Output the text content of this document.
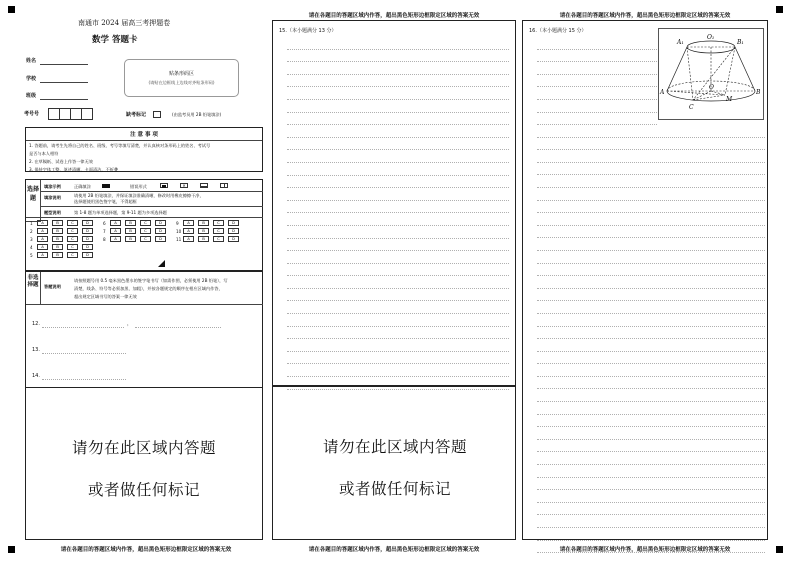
请在各题目的答题区域内作答，超出黑色矩形边框限定区域的答案无效	请在各题目的答题区域内作答，超出黑色矩形边框限定区域的答案无效
请在各题目的答题区域内作答，超出黑色矩形边框限定区域的答案无效	请在各题目的答题区域内作答，超出黑色矩形边框限定区域的答案无效	请在各题目的答题区域内作答，超出黑色矩形边框限定区域的答案无效
南通市 2024 届高三考押题卷
数学 答题卡
姓名
学校
班级
考号号
贴条形码区
(请贴在边框线上边线对齐贴条形码)
缺考标记	(由监考员用 2B 铅笔填涂)
注 意 事 项
1. 答题前，请考生先将自己的姓名、班级、考号等填写清楚，并认真核对条形码上的姓名、考试号
是否与本人相符
2. 在草稿纸、试卷上作答一律无效
3. 保持字体工整、笔迹清晰、卡面清洁，不折叠
选择题
填涂示例	正确填涂	错误形式	✕
填涂说明	请使用 2B 铅笔填涂，并保证填涂准确清晰，修改时用橡皮擦擦干净，
选择题使用黑色签字笔，不得超框
题型说明	第 1-8 题为单项选择题，第 9-11 题为多项选择题
1	A	B	C	D	6	A	B	C	D	9	A	B	C	D
2	A	B	C	D	7	A	B	C	D	10	A	B	C	D
3	A	B	C	D	8	A	B	C	D	11	A	B	C	D
4	A	B	C	D
5	A	B	C	D
非选择题	答题说明
请按照题号用 0.5 毫米黑色墨水的签字笔书写（如需作图，必须使用 2B 铅笔），写
清楚，线条、符号等必须加黑、加粗），并按各题规定的顺序在相应区域内作答，
超出规定区域书写的答案一律无效
12.	，
13.
14.
请勿在此区域内答题
或者做任何标记
15.（本小题满分 13 分）
请勿在此区域内答题
或者做任何标记
16.（本小题满分 15 分）
A₁
O₁
B₁
A
O
B
M
C
